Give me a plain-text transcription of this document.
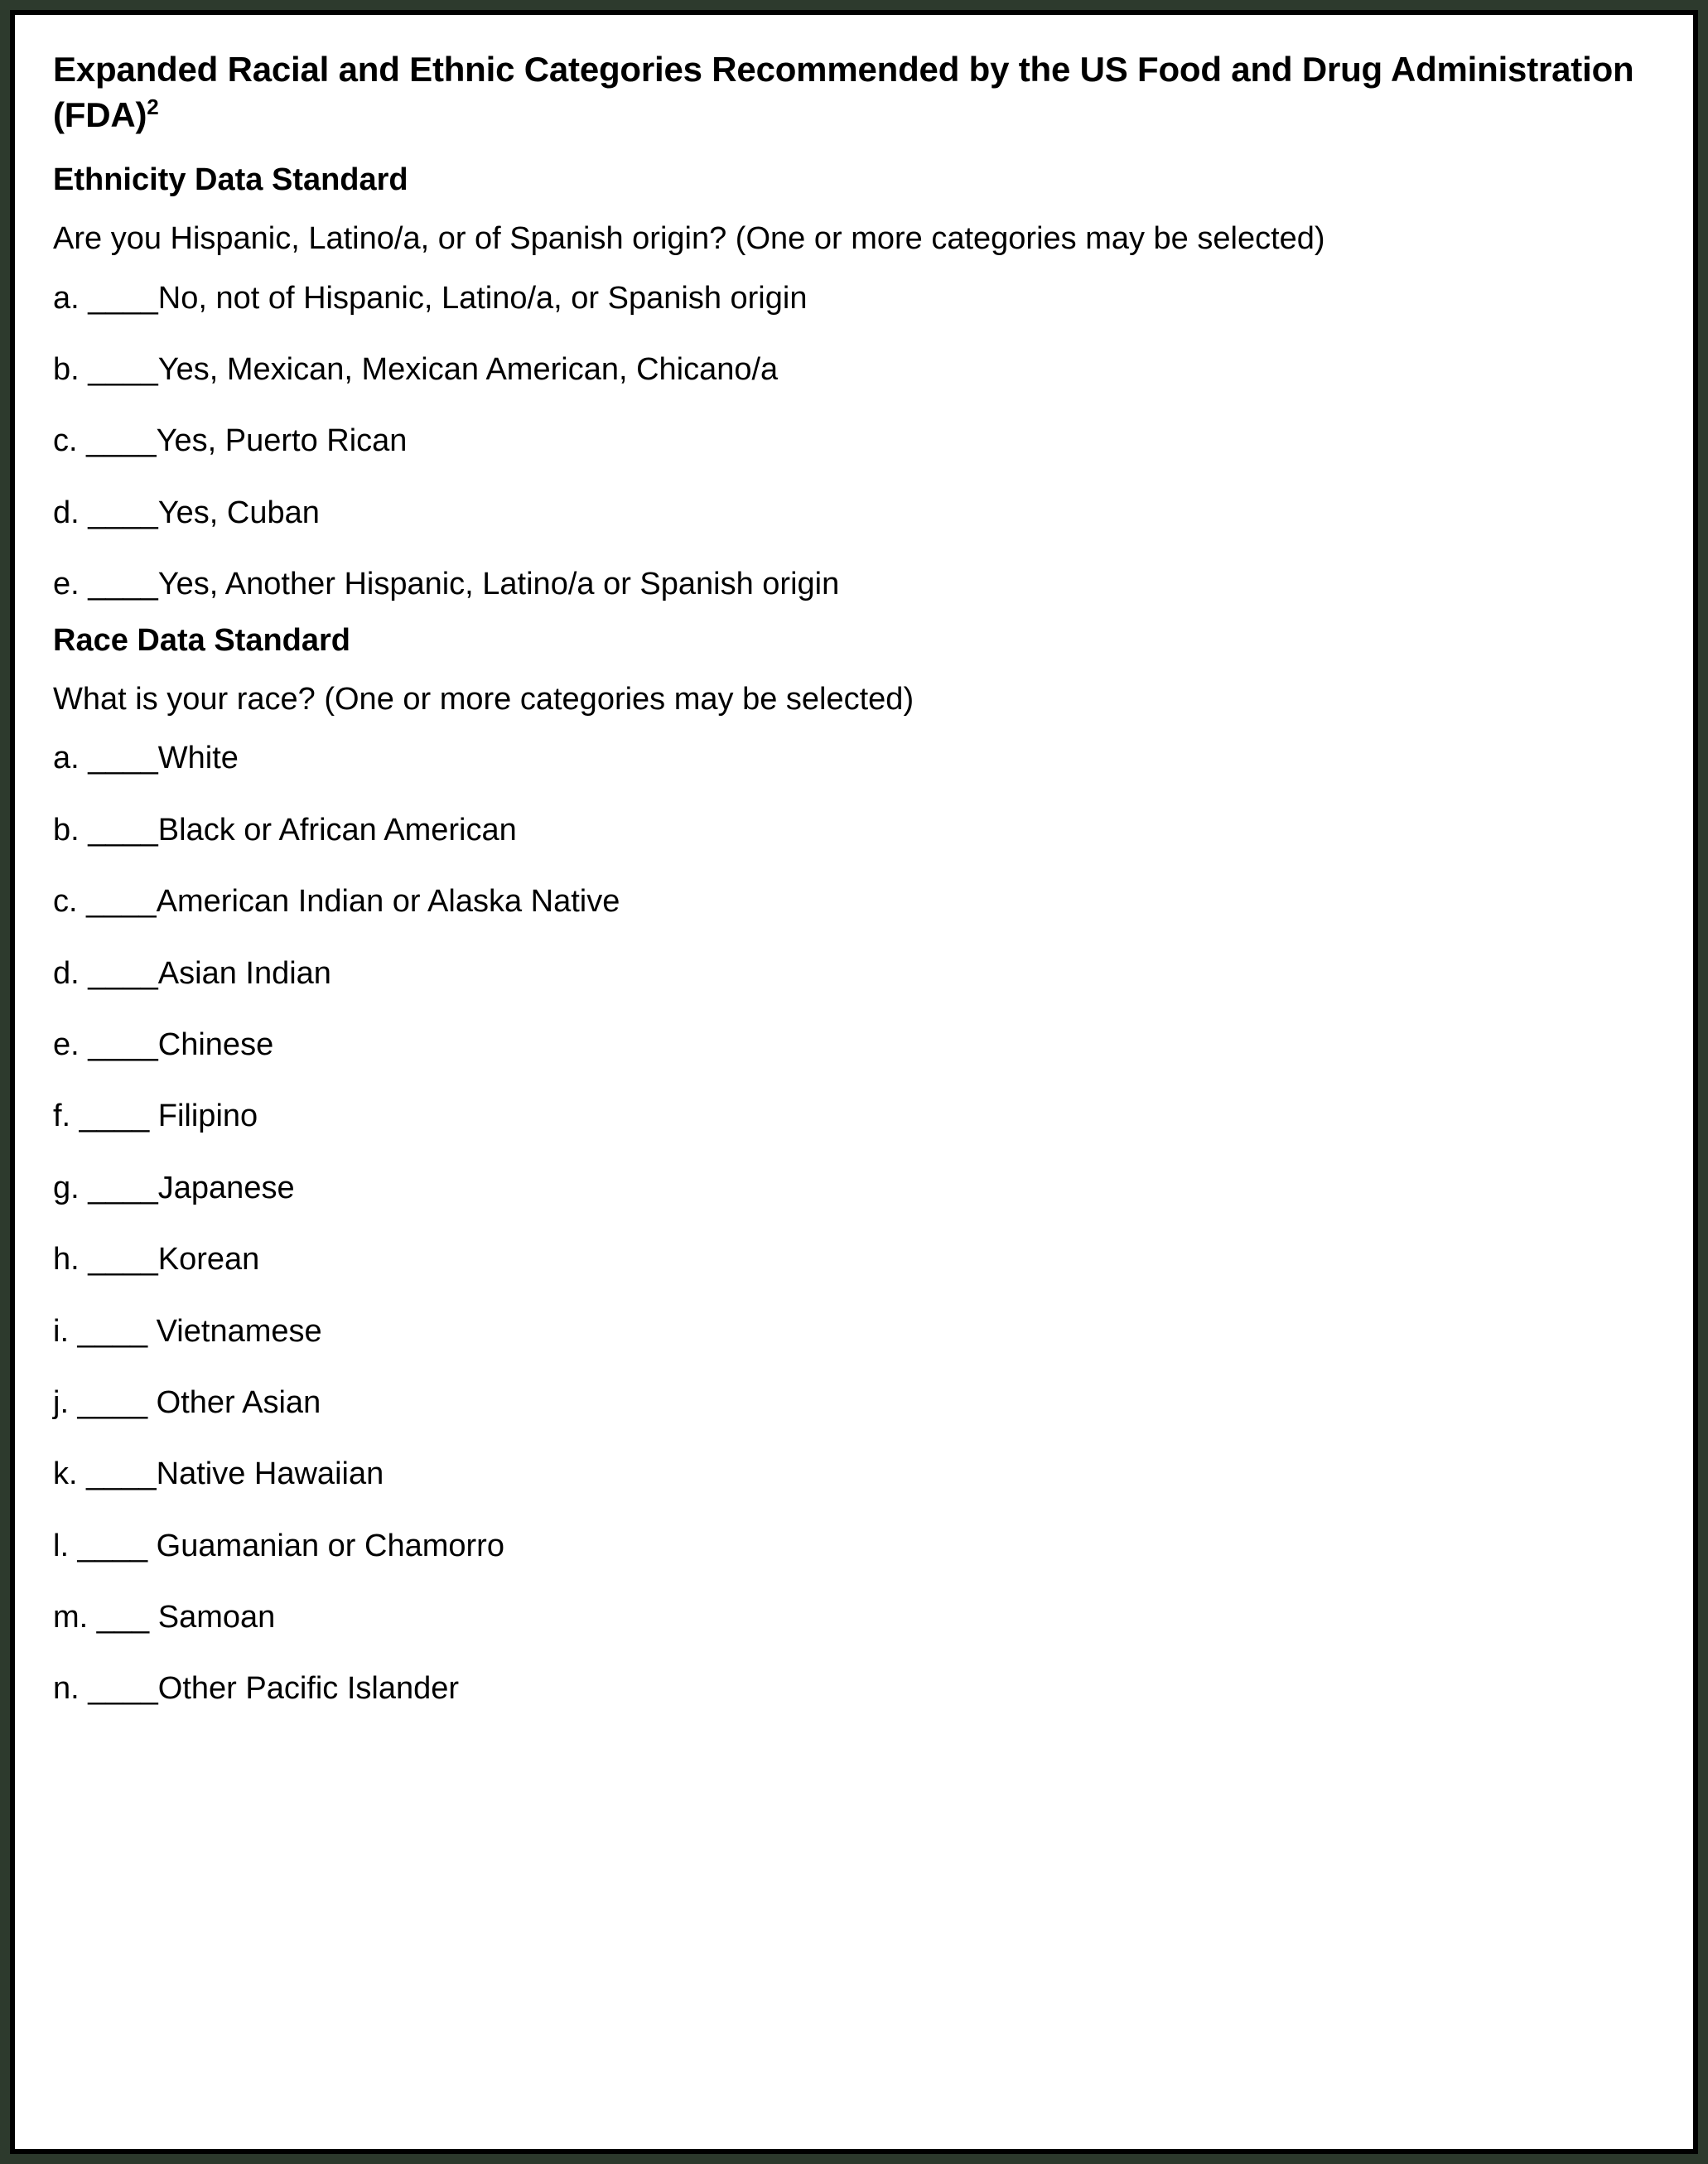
Expanded Racial and Ethnic Categories Recommended by the US Food and Drug Administration (FDA)$^2$
Ethnicity Data Standard

Are you Hispanic, Latino/a, or of Spanish origin? (One or more categories may be selected)

a. ____No, not of Hispanic, Latino/a, or Spanish origin

b. ____Yes, Mexican, Mexican American, Chicano/a

c. ____Yes, Puerto Rican

d. ____Yes, Cuban

e. ____Yes, Another Hispanic, Latino/a or Spanish origin

Race Data Standard

What is your race? (One or more categories may be selected)

a. ____White

b. ____Black or African American

c. ____American Indian or Alaska Native

d. ____Asian Indian

e. ____Chinese

f. ____ Filipino

g. ____Japanese

h. ____Korean

i. ____ Vietnamese

j. ____ Other Asian

k. ____Native Hawaiian

l. ____ Guamanian or Chamorro

m. ___ Samoan

n. ____Other Pacific Islander
